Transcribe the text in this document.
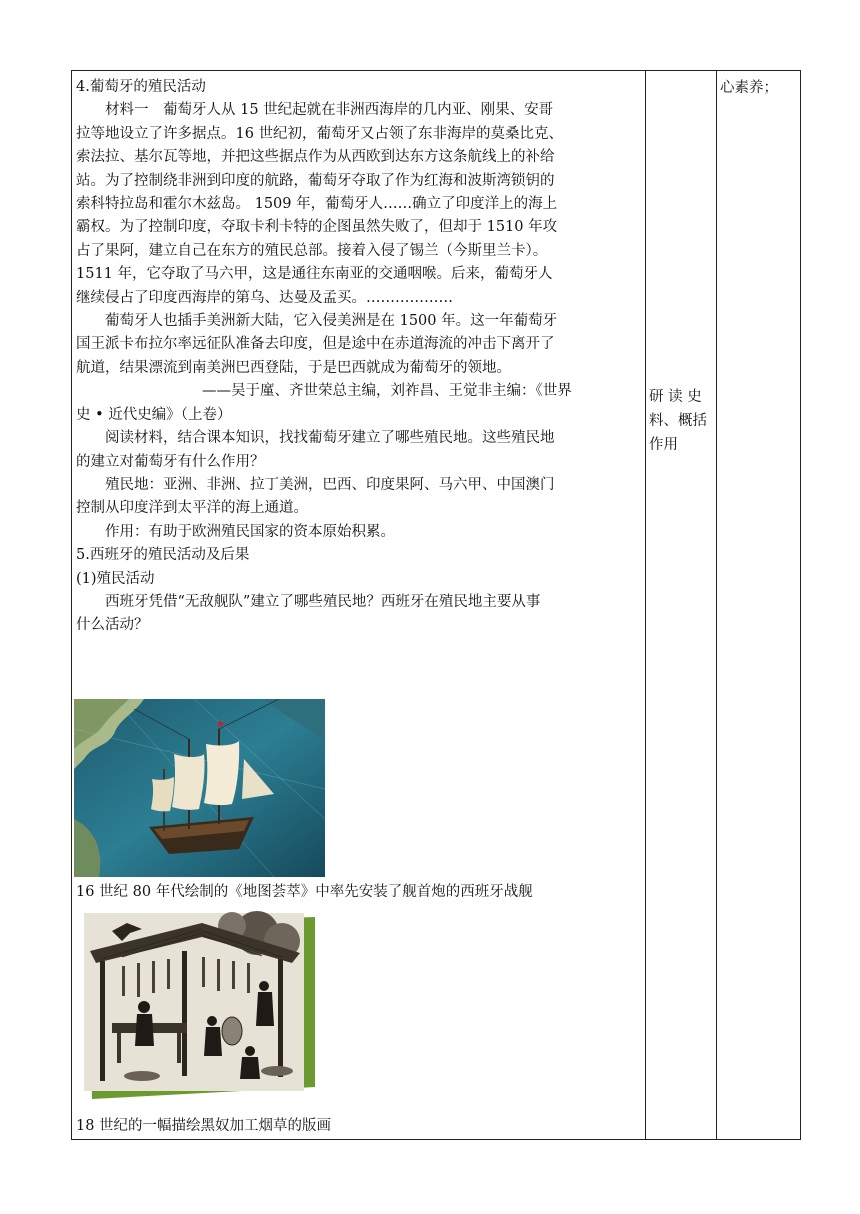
4.葡萄牙的殖民活动

材料一　葡萄牙人从 15 世纪起就在非洲西海岸的几内亚、刚果、安哥

拉等地设立了许多据点。16 世纪初，葡萄牙又占领了东非海岸的莫桑比克、

索法拉、基尔瓦等地，并把这些据点作为从西欧到达东方这条航线上的补给

站。为了控制绕非洲到印度的航路，葡萄牙夺取了作为红海和波斯湾锁钥的

索科特拉岛和霍尔木兹岛。 1509 年，葡萄牙人……确立了印度洋上的海上

霸权。为了控制印度，夺取卡利卡特的企图虽然失败了，但却于 1510 年攻

占了果阿，建立自己在东方的殖民总部。接着入侵了锡兰（今斯里兰卡）。

1511 年，它夺取了马六甲，这是通往东南亚的交通咽喉。后来，葡萄牙人

继续侵占了印度西海岸的第乌、达曼及孟买。………………

葡萄牙人也插手美洲新大陆，它入侵美洲是在 1500 年。这一年葡萄牙

国王派卡布拉尔率远征队准备去印度，但是途中在赤道海流的冲击下离开了

航道，结果漂流到南美洲巴西登陆，于是巴西就成为葡萄牙的领地。

——吴于廑、齐世荣总主编，刘祚昌、王觉非主编：《世界

史 • 近代史编》（上卷）

阅读材料，结合课本知识，找找葡萄牙建立了哪些殖民地。这些殖民地

的建立对葡萄牙有什么作用？

殖民地：亚洲、非洲、拉丁美洲，巴西、印度果阿、马六甲、中国澳门

控制从印度洋到太平洋的海上通道。

作用：有助于欧洲殖民国家的资本原始积累。

5.西班牙的殖民活动及后果

(1)殖民活动

西班牙凭借“无敌舰队”建立了哪些殖民地？西班牙在殖民地主要从事

什么活动？

16 世纪 80 年代绘制的《地图荟萃》中率先安装了舰首炮的西班牙战舰
18 世纪的一幅描绘黑奴加工烟草的版画
研 读 史
料、概括
作用
心素养；
